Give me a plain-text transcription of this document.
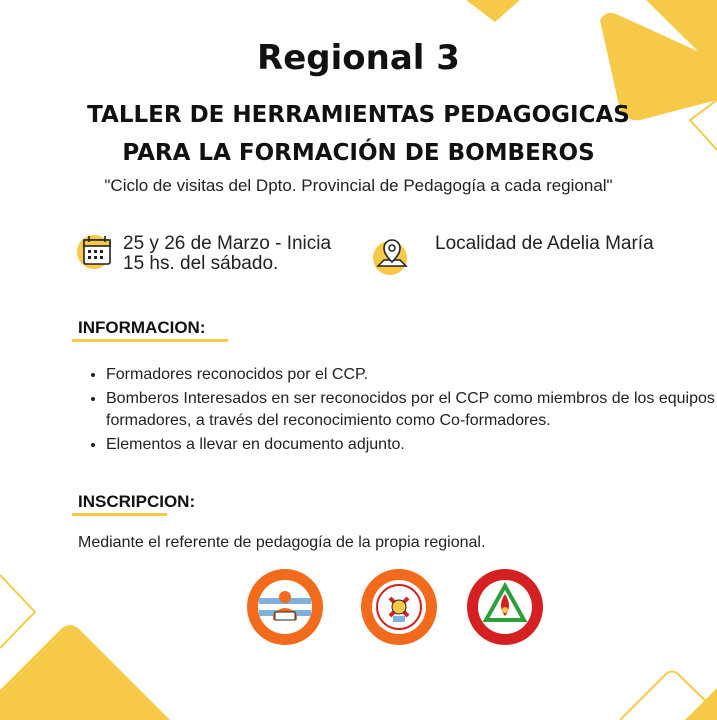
Regional 3
TALLER DE HERRAMIENTAS PEDAGOGICAS
PARA LA FORMACIÓN DE BOMBEROS
"Ciclo de visitas del Dpto. Provincial de Pedagogía a cada regional"
25 y 26 de Marzo - Inicia
15 hs. del sábado.
Localidad de Adelia María
INFORMACION:
• Formadores reconocidos por el CCP.
• Bomberos Interesados en ser reconocidos por el CCP como miembros de los equipos formadores, a través del reconocimiento como Co-formadores.
• Elementos a llevar en documento adjunto.
INSCRIPCION:
Mediante el referente de pedagogía de la propia regional.
